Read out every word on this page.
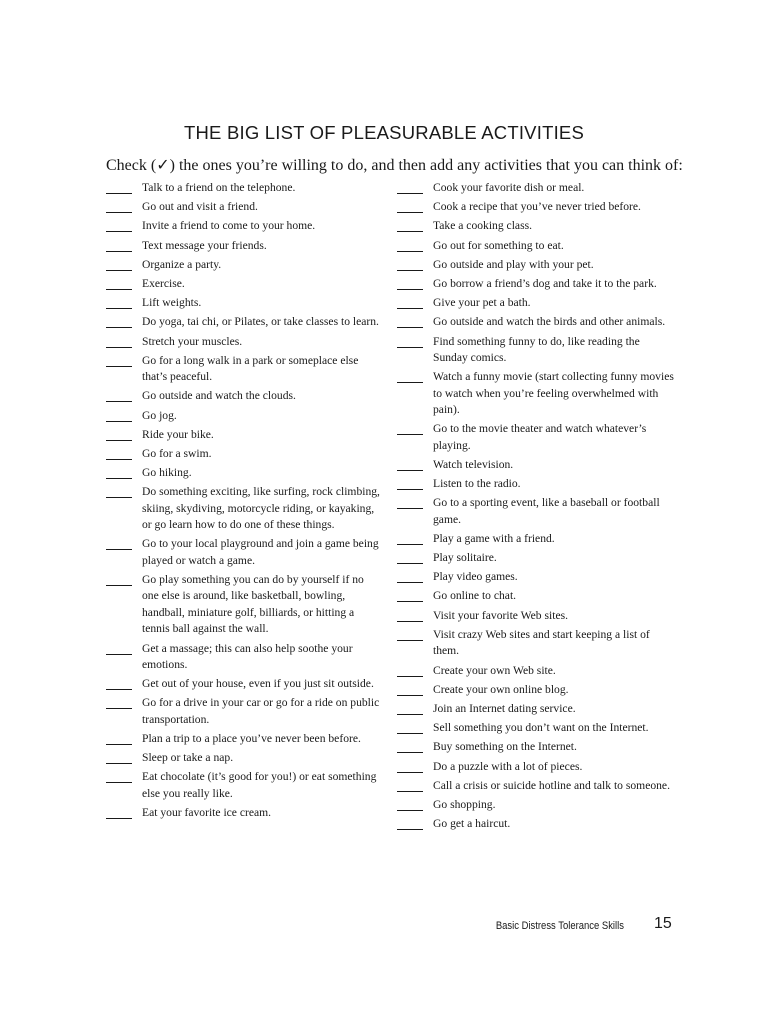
THE BIG LIST OF PLEASURABLE ACTIVITIES
Check (✓) the ones you’re willing to do, and then add any activities that you can think of:
Talk to a friend on the telephone.
Go out and visit a friend.
Invite a friend to come to your home.
Text message your friends.
Organize a party.
Exercise.
Lift weights.
Do yoga, tai chi, or Pilates, or take classes to learn.
Stretch your muscles.
Go for a long walk in a park or someplace else that’s peaceful.
Go outside and watch the clouds.
Go jog.
Ride your bike.
Go for a swim.
Go hiking.
Do something exciting, like surfing, rock climbing, skiing, skydiving, motorcycle riding, or kayaking, or go learn how to do one of these things.
Go to your local playground and join a game being played or watch a game.
Go play something you can do by yourself if no one else is around, like basketball, bowling, handball, miniature golf, billiards, or hitting a tennis ball against the wall.
Get a massage; this can also help soothe your emotions.
Get out of your house, even if you just sit outside.
Go for a drive in your car or go for a ride on public transportation.
Plan a trip to a place you’ve never been before.
Sleep or take a nap.
Eat chocolate (it’s good for you!) or eat something else you really like.
Eat your favorite ice cream.
Cook your favorite dish or meal.
Cook a recipe that you’ve never tried before.
Take a cooking class.
Go out for something to eat.
Go outside and play with your pet.
Go borrow a friend’s dog and take it to the park.
Give your pet a bath.
Go outside and watch the birds and other animals.
Find something funny to do, like reading the Sunday comics.
Watch a funny movie (start collecting funny movies to watch when you’re feeling overwhelmed with pain).
Go to the movie theater and watch whatever’s playing.
Watch television.
Listen to the radio.
Go to a sporting event, like a baseball or football game.
Play a game with a friend.
Play solitaire.
Play video games.
Go online to chat.
Visit your favorite Web sites.
Visit crazy Web sites and start keeping a list of them.
Create your own Web site.
Create your own online blog.
Join an Internet dating service.
Sell something you don’t want on the Internet.
Buy something on the Internet.
Do a puzzle with a lot of pieces.
Call a crisis or suicide hotline and talk to someone.
Go shopping.
Go get a haircut.
Basic Distress Tolerance Skills 15
